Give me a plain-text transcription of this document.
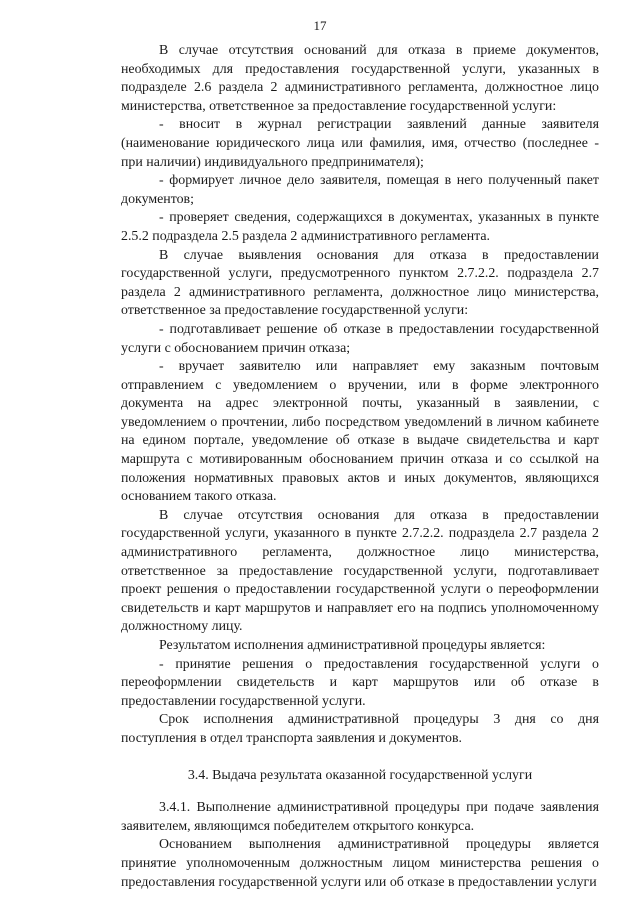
17

В случае отсутствия оснований для отказа в приеме документов, необходимых для предоставления государственной услуги, указанных в подразделе 2.6 раздела 2 административного регламента, должностное лицо министерства, ответственное за предоставление государственной услуги:

- вносит в журнал регистрации заявлений данные заявителя (наименование юридического лица или фамилия, имя, отчество (последнее - при наличии) индивидуального предпринимателя);

- формирует личное дело заявителя, помещая в него полученный пакет документов;

- проверяет сведения, содержащихся в документах, указанных в пункте 2.5.2 подраздела 2.5 раздела 2 административного регламента.

В случае выявления основания для отказа в предоставлении государственной услуги, предусмотренного пунктом 2.7.2.2. подраздела 2.7 раздела 2 административного регламента, должностное лицо министерства, ответственное за предоставление государственной услуги:

- подготавливает решение об отказе в предоставлении государственной услуги с обоснованием причин отказа;

- вручает заявителю или направляет ему заказным почтовым отправлением с уведомлением о вручении, или в форме электронного документа на адрес электронной почты, указанный в заявлении, с уведомлением о прочтении, либо посредством уведомлений в личном кабинете на едином портале, уведомление об отказе в выдаче свидетельства и карт маршрута с мотивированным обоснованием причин отказа и со ссылкой на положения нормативных правовых актов и иных документов, являющихся основанием такого отказа.

В случае отсутствия основания для отказа в предоставлении государственной услуги, указанного в пункте 2.7.2.2. подраздела 2.7 раздела 2 административного регламента, должностное лицо министерства, ответственное за предоставление государственной услуги, подготавливает проект решения о предоставлении государственной услуги о переоформлении свидетельств и карт маршрутов и направляет его на подпись уполномоченному должностному лицу.

Результатом исполнения административной процедуры является:

- принятие решения о предоставления государственной услуги о переоформлении свидетельств и карт маршрутов или об отказе в предоставлении государственной услуги.

Срок исполнения административной процедуры 3 дня со дня поступления в отдел транспорта заявления и документов.

3.4. Выдача результата оказанной государственной услуги

3.4.1. Выполнение административной процедуры при подаче заявления заявителем, являющимся победителем открытого конкурса.

Основанием выполнения административной процедуры является принятие уполномоченным должностным лицом министерства решения о предоставления государственной услуги или об отказе в предоставлении услуги
